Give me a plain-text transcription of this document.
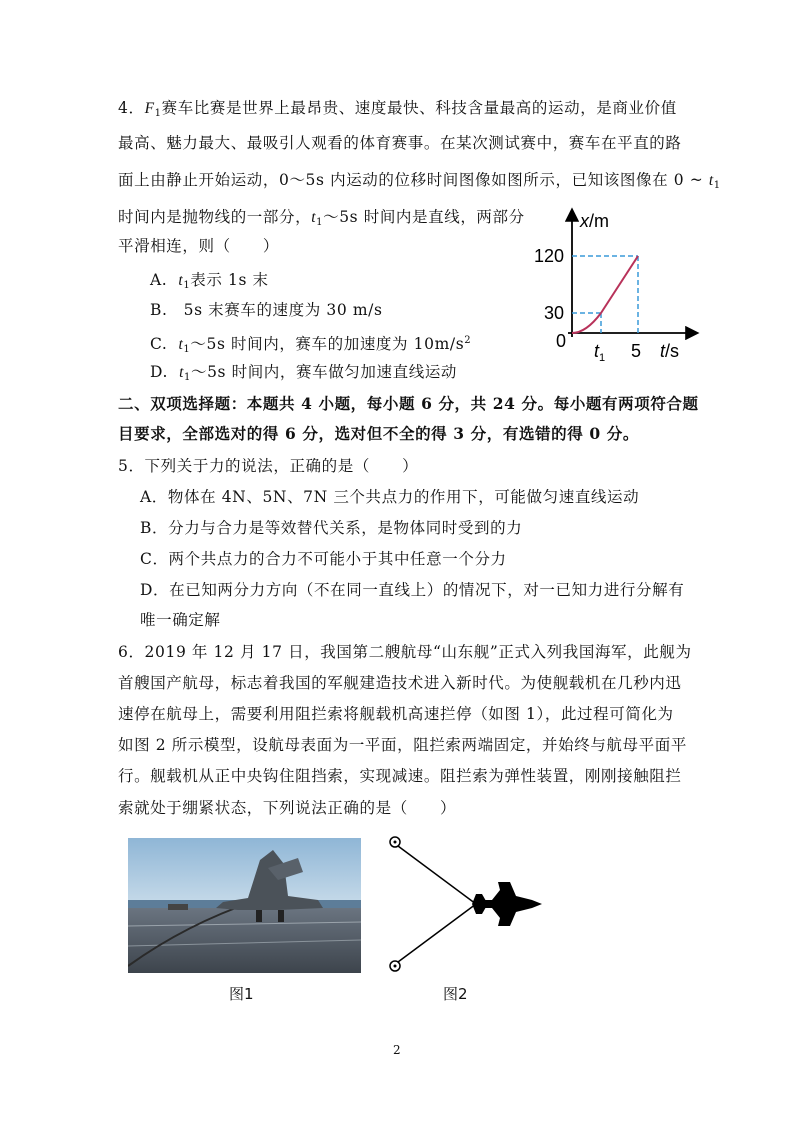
4．$F_1$赛车比赛是世界上最昂贵、速度最快、科技含量最高的运动，是商业价值
最高、魅力最大、最吸引人观看的体育赛事。在某次测试赛中，赛车在平直的路
面上由静止开始运动，0～5s 内运动的位移时间图像如图所示，已知该图像在 0 ~ $t_1$
时间内是抛物线的一部分，$t_1\sim 5s$ 时间内是直线，两部分
平滑相连，则（　　）
A. $t_1$表示 1s 末
B.　5s 末赛车的速度为 30 m/s
C. $t_1\sim 5s$ 时间内，赛车的加速度为 $10m/s^2$
D. $t_1\sim 5s$ 时间内，赛车做匀加速直线运动
x/m
120
30
0 $t_1$ 5 t/s
二、双项选择题：本题共 4 小题，每小题 6 分，共 24 分。每小题有两项符合题
目要求，全部选对的得 6 分，选对但不全的得 3 分，有选错的得 0 分。
5．下列关于力的说法，正确的是（　　）
A．物体在 4N、5N、7N 三个共点力的作用下，可能做匀速直线运动
B．分力与合力是等效替代关系，是物体同时受到的力
C．两个共点力的合力不可能小于其中任意一个分力
D．在已知两分力方向（不在同一直线上）的情况下，对一已知力进行分解有
唯一确定解
6．2019 年 12 月 17 日，我国第二艘航母“山东舰”正式入列我国海军，此舰为
首艘国产航母，标志着我国的军舰建造技术进入新时代。为使舰载机在几秒内迅
速停在航母上，需要利用阻拦索将舰载机高速拦停（如图 1），此过程可简化为
如图 2 所示模型，设航母表面为一平面，阻拦索两端固定，并始终与航母平面平
行。舰载机从正中央钩住阻挡索，实现减速。阻拦索为弹性装置，刚刚接触阻拦
索就处于绷紧状态，下列说法正确的是（　　）
图1	图2
2
